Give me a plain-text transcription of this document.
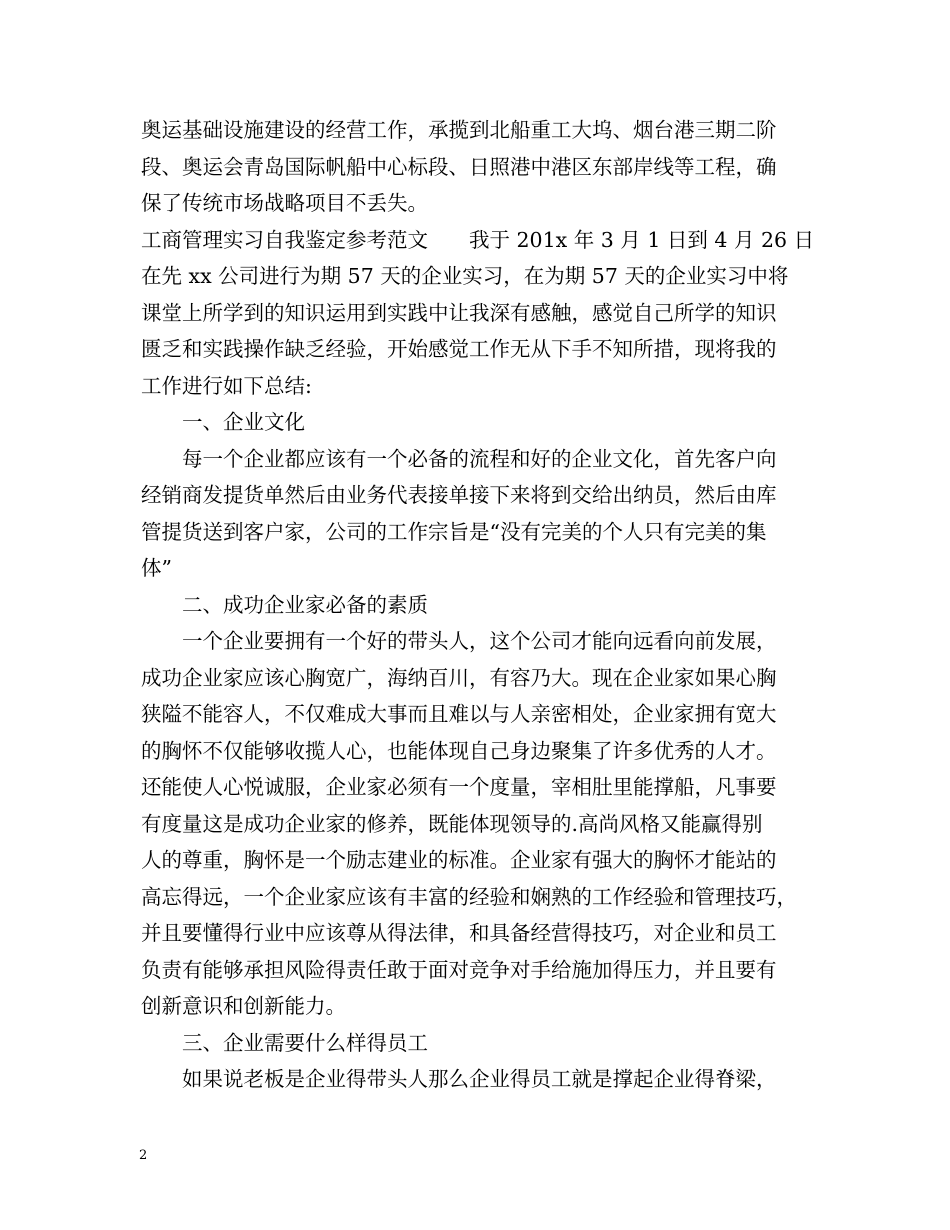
奥运基础设施建设的经营工作，承揽到北船重工大坞、烟台港三期二阶
段、奥运会青岛国际帆船中心标段、日照港中港区东部岸线等工程，确
保了传统市场战略项目不丢失。
工商管理实习自我鉴定参考范文　　我于 201x 年 3 月 1 日到 4 月 26 日
在先 xx 公司进行为期 57 天的企业实习，在为期 57 天的企业实习中将
课堂上所学到的知识运用到实践中让我深有感触，感觉自己所学的知识
匮乏和实践操作缺乏经验，开始感觉工作无从下手不知所措，现将我的
工作进行如下总结:
一、企业文化
每一个企业都应该有一个必备的流程和好的企业文化，首先客户向
经销商发提货单然后由业务代表接单接下来将到交给出纳员，然后由库
管提货送到客户家，公司的工作宗旨是“没有完美的个人只有完美的集
体”
二、成功企业家必备的素质
一个企业要拥有一个好的带头人，这个公司才能向远看向前发展，
成功企业家应该心胸宽广，海纳百川，有容乃大。现在企业家如果心胸
狭隘不能容人，不仅难成大事而且难以与人亲密相处，企业家拥有宽大
的胸怀不仅能够收揽人心，也能体现自己身边聚集了许多优秀的人才。
还能使人心悦诚服，企业家必须有一个度量，宰相肚里能撑船，凡事要
有度量这是成功企业家的修养，既能体现领导的.高尚风格又能赢得别
人的尊重，胸怀是一个励志建业的标准。企业家有强大的胸怀才能站的
高忘得远，一个企业家应该有丰富的经验和娴熟的工作经验和管理技巧，
并且要懂得行业中应该尊从得法律，和具备经营得技巧，对企业和员工
负责有能够承担风险得责任敢于面对竞争对手给施加得压力，并且要有
创新意识和创新能力。
三、企业需要什么样得员工
如果说老板是企业得带头人那么企业得员工就是撑起企业得脊梁，
2
